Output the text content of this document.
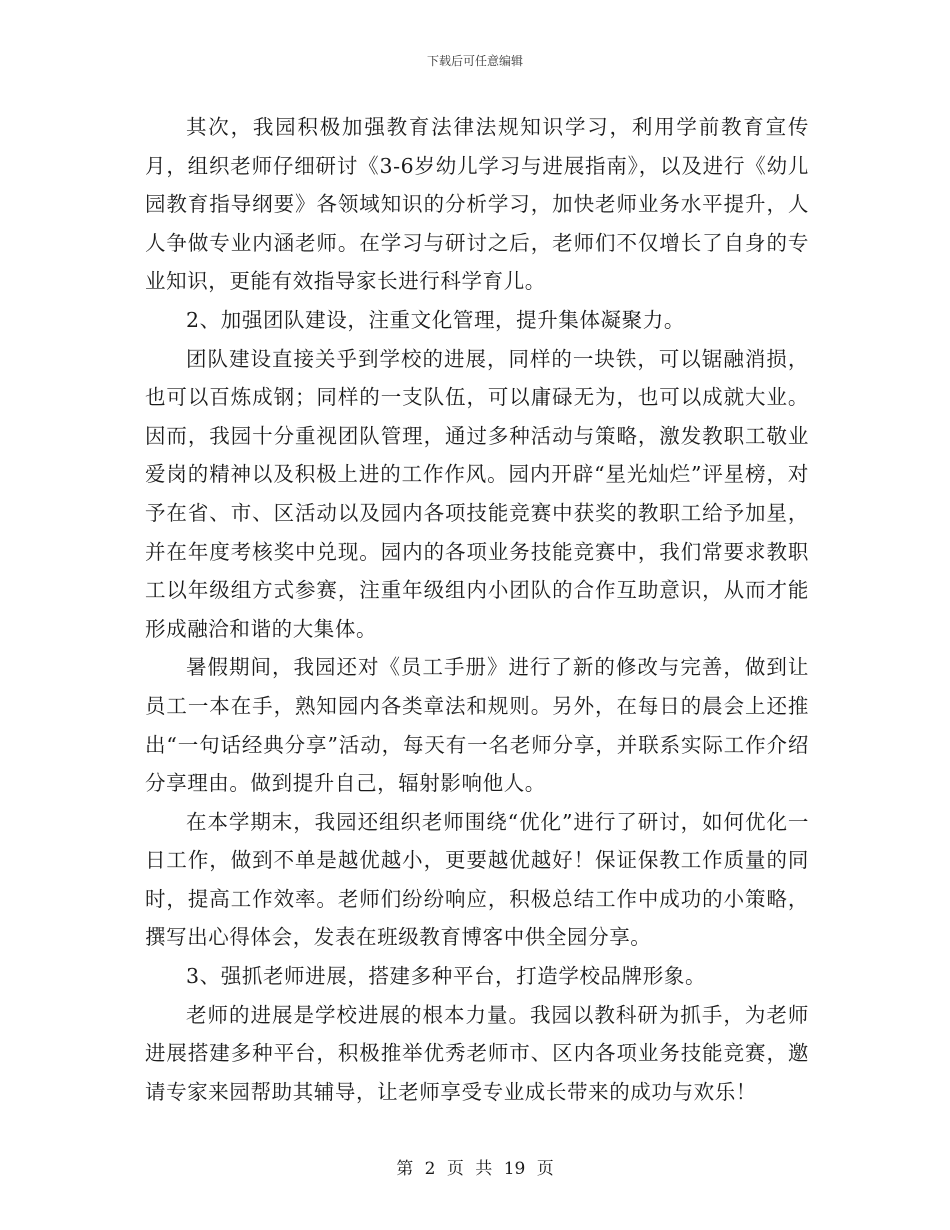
下载后可任意编辑

其次，我园积极加强教育法律法规知识学习，利用学前教育宣传月，组织老师仔细研讨《3-6岁幼儿学习与进展指南》，以及进行《幼儿园教育指导纲要》各领域知识的分析学习，加快老师业务水平提升，人人争做专业内涵老师。在学习与研讨之后，老师们不仅增长了自身的专业知识，更能有效指导家长进行科学育儿。

2、加强团队建设，注重文化管理，提升集体凝聚力。

团队建设直接关乎到学校的进展，同样的一块铁，可以锯融消损，也可以百炼成钢；同样的一支队伍，可以庸碌无为，也可以成就大业。因而，我园十分重视团队管理，通过多种活动与策略，激发教职工敬业爱岗的精神以及积极上进的工作作风。园内开辟“星光灿烂”评星榜，对予在省、市、区活动以及园内各项技能竞赛中获奖的教职工给予加星，并在年度考核奖中兑现。园内的各项业务技能竞赛中，我们常要求教职工以年级组方式参赛，注重年级组内小团队的合作互助意识，从而才能形成融洽和谐的大集体。

暑假期间，我园还对《员工手册》进行了新的修改与完善，做到让员工一本在手，熟知园内各类章法和规则。另外，在每日的晨会上还推出“一句话经典分享”活动，每天有一名老师分享，并联系实际工作介绍分享理由。做到提升自己，辐射影响他人。

在本学期末，我园还组织老师围绕“优化”进行了研讨，如何优化一日工作，做到不单是越优越小，更要越优越好！保证保教工作质量的同时，提高工作效率。老师们纷纷响应，积极总结工作中成功的小策略，撰写出心得体会，发表在班级教育博客中供全园分享。

3、强抓老师进展，搭建多种平台，打造学校品牌形象。

老师的进展是学校进展的根本力量。我园以教科研为抓手，为老师进展搭建多种平台，积极推举优秀老师市、区内各项业务技能竞赛，邀请专家来园帮助其辅导，让老师享受专业成长带来的成功与欢乐！

第 2 页 共 19 页
